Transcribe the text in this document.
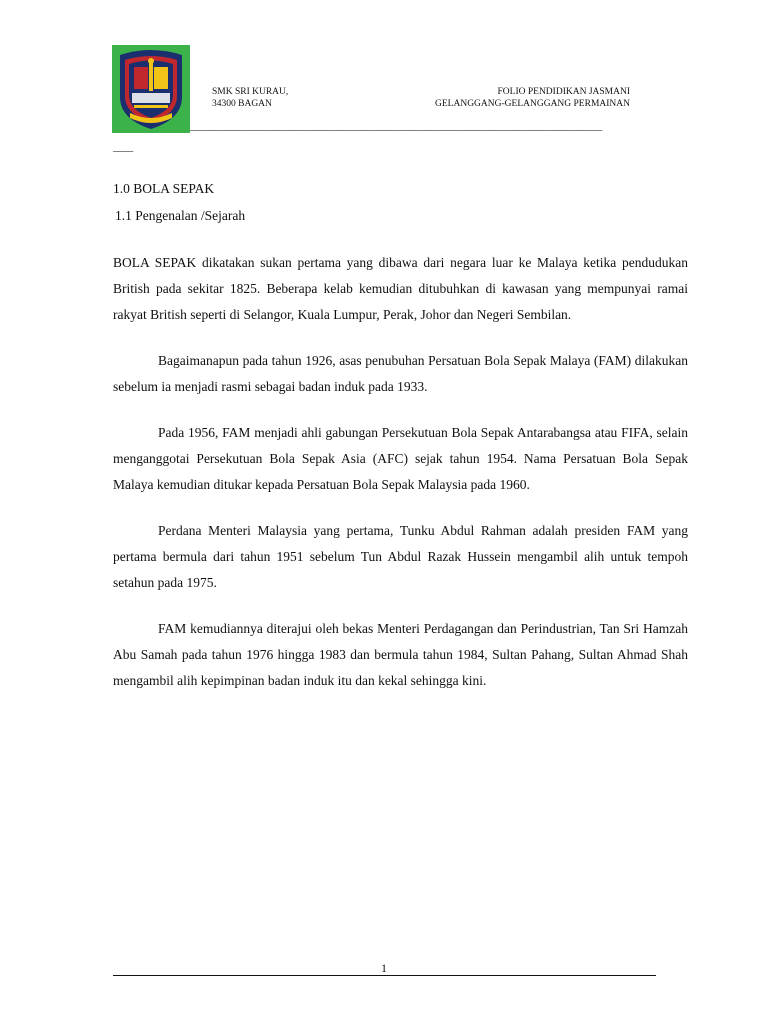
SMK SRI KURAU,
34300 BAGAN
FOLIO PENDIDIKAN JASMANI
GELANGGANG-GELANGGANG PERMAINAN
____________________________________________________________________________________
____
1.0 BOLA SEPAK
1.1 Pengenalan /Sejarah

BOLA SEPAK dikatakan sukan pertama yang dibawa dari negara luar ke Malaya ketika pendudukan British pada sekitar 1825. Beberapa kelab kemudian ditubuhkan di kawasan yang mempunyai ramai rakyat British seperti di Selangor, Kuala Lumpur, Perak, Johor dan Negeri Sembilan.

Bagaimanapun pada tahun 1926, asas penubuhan Persatuan Bola Sepak Malaya (FAM) dilakukan sebelum ia menjadi rasmi sebagai badan induk pada 1933.

Pada 1956, FAM menjadi ahli gabungan Persekutuan Bola Sepak Antarabangsa atau FIFA, selain menganggotai Persekutuan Bola Sepak Asia (AFC) sejak tahun 1954. Nama Persatuan Bola Sepak Malaya kemudian ditukar kepada Persatuan Bola Sepak Malaysia pada 1960.

Perdana Menteri Malaysia yang pertama, Tunku Abdul Rahman adalah presiden FAM yang pertama bermula dari tahun 1951 sebelum Tun Abdul Razak Hussein mengambil alih untuk tempoh setahun pada 1975.

FAM kemudiannya diterajui oleh bekas Menteri Perdagangan dan Perindustrian, Tan Sri Hamzah Abu Samah pada tahun 1976 hingga 1983 dan bermula tahun 1984, Sultan Pahang, Sultan Ahmad Shah mengambil alih kepimpinan badan induk itu dan kekal sehingga kini.

1
